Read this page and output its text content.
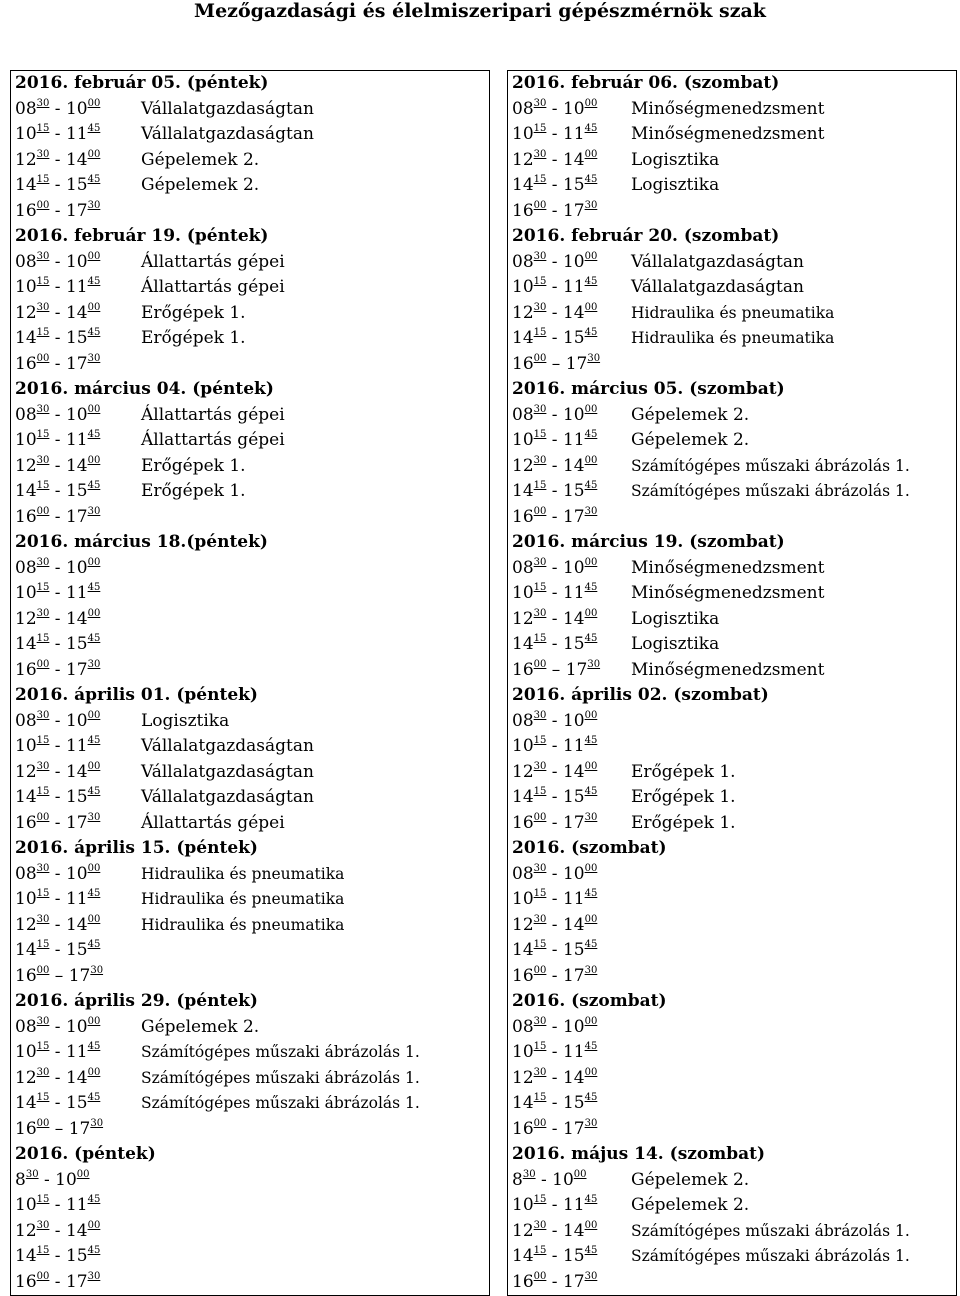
Mezőgazdasági és élelmiszeripari gépészmérnök szak
2016. február 05. (péntek)
$08^{30} - 10^{00}$ Vállalatgazdaságtan
$10^{15} - 11^{45}$ Vállalatgazdaságtan
$12^{30} - 14^{00}$ Gépelemek 2.
$14^{15} - 15^{45}$ Gépelemek 2.
$16^{00} - 17^{30}$
2016. február 19. (péntek)
$08^{30} - 10^{00}$ Állattartás gépei
$10^{15} - 11^{45}$ Állattartás gépei
$12^{30} - 14^{00}$ Erőgépek 1.
$14^{15} - 15^{45}$ Erőgépek 1.
$16^{00} - 17^{30}$
2016. március 04. (péntek)
$08^{30} - 10^{00}$ Állattartás gépei
$10^{15} - 11^{45}$ Állattartás gépei
$12^{30} - 14^{00}$ Erőgépek 1.
$14^{15} - 15^{45}$ Erőgépek 1.
$16^{00} - 17^{30}$
2016. március 18.(péntek)
$08^{30} - 10^{00}$
$10^{15} - 11^{45}$
$12^{30} - 14^{00}$
$14^{15} - 15^{45}$
$16^{00} - 17^{30}$
2016. április 01. (péntek)
$08^{30} - 10^{00}$ Logisztika
$10^{15} - 11^{45}$ Vállalatgazdaságtan
$12^{30} - 14^{00}$ Vállalatgazdaságtan
$14^{15} - 15^{45}$ Vállalatgazdaságtan
$16^{00} - 17^{30}$ Állattartás gépei
2016. április 15. (péntek)
$08^{30} - 10^{00}$	Hidraulika és pneumatika
$10^{15} - 11^{45}$	Hidraulika és pneumatika
$12^{30} - 14^{00}$	Hidraulika és pneumatika
$14^{15} - 15^{45}$
$16^{00} - 17^{30}$
2016. április 29. (péntek)
$08^{30} - 10^{00}$ Gépelemek 2.
$10^{15} - 11^{45}$	Számítógépes műszaki ábrázolás 1.
$12^{30} - 14^{00}$	Számítógépes műszaki ábrázolás 1.
$14^{15} - 15^{45}$	Számítógépes műszaki ábrázolás 1.
$16^{00} - 17^{30}$
2016. (péntek)
$8^{30} - 10^{00}$
$10^{15} - 11^{45}$
$12^{30} - 14^{00}$
$14^{15} - 15^{45}$
$16^{00} - 17^{30}$
2016. február 06. (szombat)
$08^{30} - 10^{00}$ Minőségmenedzsment
$10^{15} - 11^{45}$ Minőségmenedzsment
$12^{30} - 14^{00}$ Logisztika
$14^{15} - 15^{45}$ Logisztika
$16^{00} - 17^{30}$
2016. február 20. (szombat)
$08^{30} - 10^{00}$ Vállalatgazdaságtan
$10^{15} - 11^{45}$ Vállalatgazdaságtan
$12^{30} - 14^{00}$ Hidraulika és pneumatika
$14^{15} - 15^{45}$ Hidraulika és pneumatika
$16^{00} - 17^{30}$
2016. március 05. (szombat)
$08^{30} - 10^{00}$ Gépelemek 2.
$10^{15} - 11^{45}$ Gépelemek 2.
$12^{30} - 14^{00}$ Számítógépes műszaki ábrázolás 1.
$14^{15} - 15^{45}$ Számítógépes műszaki ábrázolás 1.
$16^{00} - 17^{30}$
2016. március 19. (szombat)
$08^{30} - 10^{00}$ Minőségmenedzsment
$10^{15} - 11^{45}$ Minőségmenedzsment
$12^{30} - 14^{00}$ Logisztika
$14^{15} - 15^{45}$ Logisztika
$16^{00} - 17^{30}$ Minőségmenedzsment
2016. április 02. (szombat)
$08^{30} - 10^{00}$
$10^{15} - 11^{45}$
$12^{30} - 14^{00}$ Erőgépek 1.
$14^{15} - 15^{45}$ Erőgépek 1.
$16^{00} - 17^{30}$ Erőgépek 1.
2016. (szombat)
$08^{30} - 10^{00}$
$10^{15} - 11^{45}$
$12^{30} - 14^{00}$
$14^{15} - 15^{45}$
$16^{00} - 17^{30}$
2016. (szombat)
$08^{30} - 10^{00}$
$10^{15} - 11^{45}$
$12^{30} - 14^{00}$
$14^{15} - 15^{45}$
$16^{00} - 17^{30}$
2016. május 14. (szombat)
$8^{30} - 10^{00}$	Gépelemek 2.
$10^{15} - 11^{45}$ Gépelemek 2.
$12^{30} - 14^{00}$ Számítógépes műszaki ábrázolás 1.
$14^{15} - 15^{45}$ Számítógépes műszaki ábrázolás 1.
$16^{00} - 17^{30}$
